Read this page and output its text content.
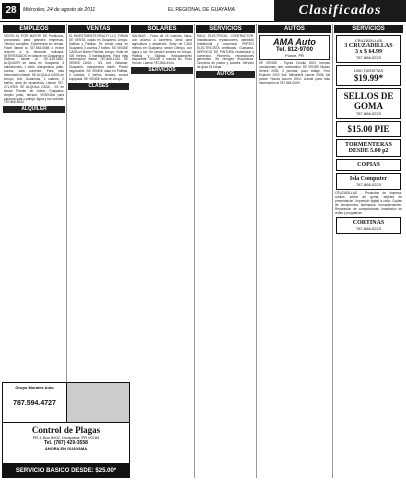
28	Miércoles, 24 de agosto de 2011	EL REGIONAL DE GUAYAMA	Clasificados
EMPLEOS
VENTA AL POR MAYOR DE Productos, comprando para grandes empresas. Tiempo completo. Experiencia en ventas. Favor llamar al 787-864-6685 o enviar resume a la dirección indicada. INTERESADOS en laborar en Guayama y Salinas, llamar al 787-439-9282. ALQUILER de casa en Guayama, 3 habitaciones, 1 baño, marquesina, patio, cocina, sala comedor. Para más información llamar. SE ALQUILA CASA en Arroyo, Urb. Guásimas, 3 cuartos, 2 baños, área de lavandería. Llamar 787-271-0909. SE ALQUILA CASA - 2/1 en sector Puente de Jobos, Guayama. Amplio patio, terraza. VIVIENDA para persona sola o pareja. Agua y luz incluida. 787-866-5040.
ALQUILER
VENTAS
EL INVESTMENTS REALTY LLC. FIRMA DE VENTA: casas en Guayama, Arroyo, Salinas y Patillas. Se vende casa en Guayama 3 cuartos 2 baños. SE VENDE CASA en Barrio Palmas, Arroyo. Solar de 400 metros, 3 habitaciones. Para más información llamar 787-866-1234. SE VENDE CASA - 3/1, Urb. Vistamar, Guayama, marquesina doble. Precio negociable. SE VENDE casa en Patillas, 4 cuartos, 2 baños, terraza, cocina equipada. SE VENDE solar en Arroyo.
CLASES
Grupo Morales Auto
787.594.4727
Control de Plagas
PR-1 Box 6002, Guayama, PR 00784
Tel. (787) 429-3558
AHORA EN GUAYAMA
SERVICIO BASICO DESDE: $25.00*
SOLARES
SALINAS - Finca de 15 cuerdas, llana, con acceso a carretera, ideal para agricultura o desarrollo. Solar de 1,500 metros en Guayama, sector Olimpo, con agua y luz. Se venden solares en Arroyo, Patillas y Salinas, financiamiento disponible. SOLAR 1 cuerda Bo. Pozo Hondo. Llamar 787-864-4444.
SERVICIOS
SERVICIOS
RAUL ELECTRICAL CONTRACTOR. Instalaciones, reparaciones, cableado residencial y comercial. PERITO ELECTRICISTA certificado, Guayama. SERVICIO DE PINTURA residencial y comercial. Plomería, reparaciones generales. Se recogen escombros. Limpieza de patios y solares. Servicio de grúa 24 horas.
AUTOS
AUTOS
AMA Auto
Tel. 812-9700
Ponce, PR
SE VENDE - Toyota Corolla 2003, buenas condiciones, aire, automático. SE VENDE Nissan Sentra 2005, 4 puertas, poco millaje. Ford Explorer 2002 4x4. Mitsubishi Lancer 2006, full power. Honda Accord 2004. Llamar para más información al 787-864-0000.
SERVICIOS
CRUZADILLAS
3 CRUZADILLAS
3 x $ 64.99
787-866-0223
1000 TARJETAS
$19.99*
SELLOS DE GOMA
787-866-0223
$15.00 PIE
TORMENTERAS
DESDE 5.00 p2
COPIAS
Isla Computer
787-866-0223
CRUZADILLAS - Productos de limpieza, rótulos, sellos de goma, tarjetas de presentación. Impresión digital a color. Copias de documentos, laminados, encuadernación. Reparación de computadoras, instalación de redes y programas.
CORTINAS
787-866-0223
